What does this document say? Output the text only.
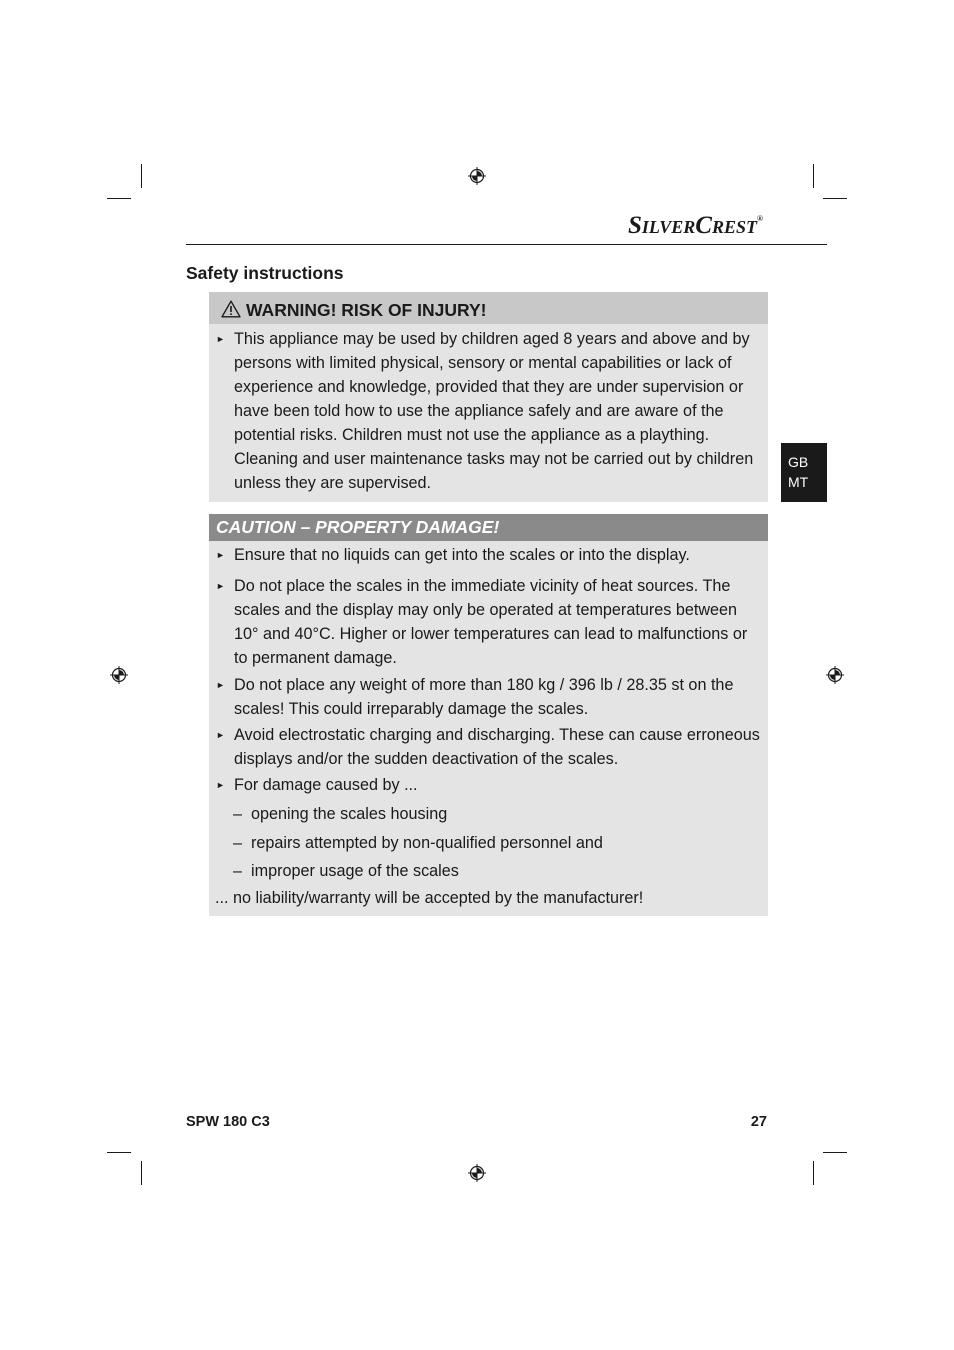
SILVERCREST®
Safety instructions
GB
MT
WARNING! RISK OF INJURY!
► This appliance may be used by children aged 8 years and above and by persons with limited physical, sensory or mental capabilities or lack of experience and knowledge, provided that they are under supervision or have been told how to use the appliance safely and are aware of the potential risks. Children must not use the appliance as a plaything. Cleaning and user maintenance tasks may not be carried out by children unless they are supervised.
CAUTION – PROPERTY DAMAGE!
► Ensure that no liquids can get into the scales or into the display.
► Do not place the scales in the immediate vicinity of heat sources. The scales and the display may only be operated at temperatures between 10° and 40°C. Higher or lower temperatures can lead to malfunctions or to permanent damage.
► Do not place any weight of more than 180 kg / 396 lb / 28.35 st on the scales! This could irreparably damage the scales.
► Avoid electrostatic charging and discharging. These can cause erroneous displays and/or the sudden deactivation of the scales.
► For damage caused by ...
– opening the scales housing
– repairs attempted by non-qualified personnel and
– improper usage of the scales
... no liability/warranty will be accepted by the manufacturer!
SPW 180 C3	27
